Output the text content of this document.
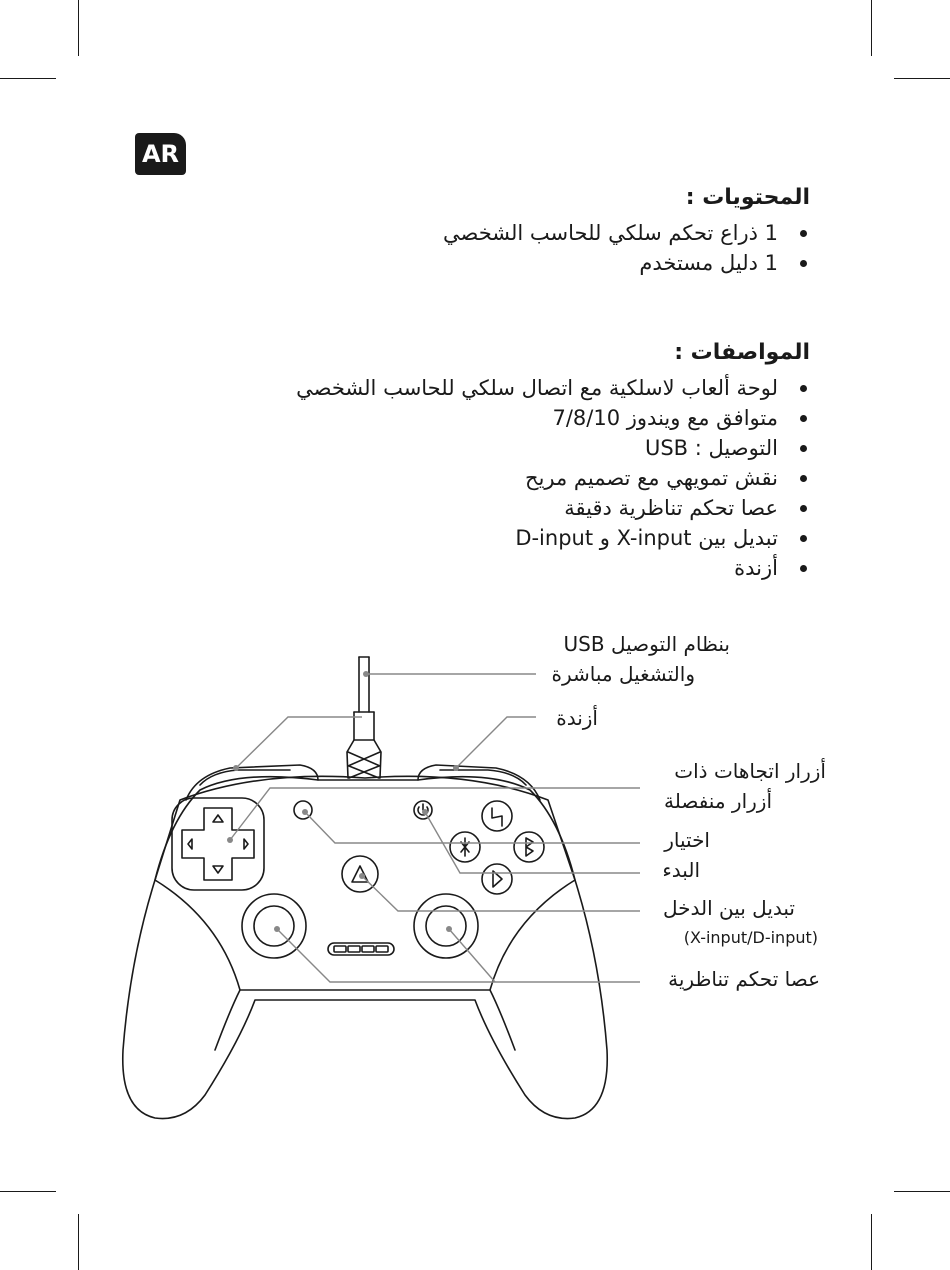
AR
المحتويات :
1 ذراع تحكم سلكي للحاسب الشخصي
1 دليل مستخدم
المواصفات :
لوحة ألعاب لاسلكية مع اتصال سلكي للحاسب الشخصي
متوافق مع ويندوز 7/8/10
التوصيل : USB
نقش تمويهي مع تصميم مريح
عصا تحكم تناظرية دقيقة
تبديل بين X-input و D-input
أزندة
USB بنظام التوصيل
والتشغيل مباشرة
أزندة
أزرار اتجاهات ذات
أزرار منفصلة
اختيار
البدء
تبديل بين الدخل
(X-input/D-input)
عصا تحكم تناظرية
